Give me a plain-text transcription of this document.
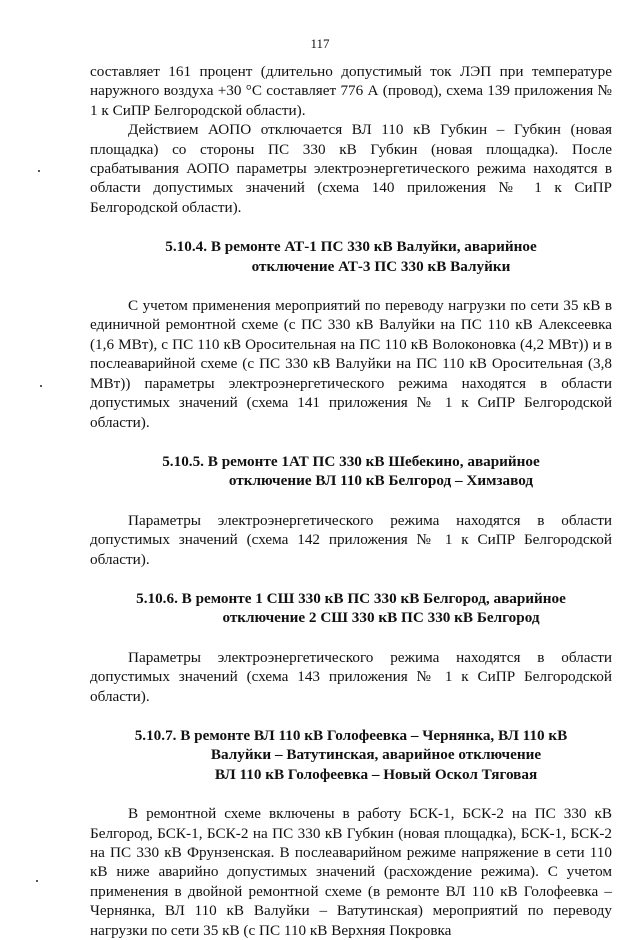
117

составляет 161 процент (длительно допустимый ток ЛЭП при температуре наружного воздуха +30 °С составляет 776 А (провод), схема 139 приложения № 1 к СиПР Белгородской области).

Действием АОПО отключается ВЛ 110 кВ Губкин – Губкин (новая площадка) со стороны ПС 330 кВ Губкин (новая площадка). После срабатывания АОПО параметры электроэнергетического режима находятся в области допустимых значений (схема 140 приложения № 1 к СиПР Белгородской области).

5.10.4. В ремонте АТ-1 ПС 330 кВ Валуйки, аварийное
отключение АТ-3 ПС 330 кВ Валуйки

С учетом применения мероприятий по переводу нагрузки по сети 35 кВ в единичной ремонтной схеме (с ПС 330 кВ Валуйки на ПС 110 кВ Алексеевка (1,6 МВт), с ПС 110 кВ Оросительная на ПС 110 кВ Волоконовка (4,2 МВт)) и в послеаварийной схеме (с ПС 330 кВ Валуйки на ПС 110 кВ Оросительная (3,8 МВт)) параметры электроэнергетического режима находятся в области допустимых значений (схема 141 приложения № 1 к СиПР Белгородской области).

5.10.5. В ремонте 1АТ ПС 330 кВ Шебекино, аварийное
отключение ВЛ 110 кВ Белгород – Химзавод

Параметры электроэнергетического режима находятся в области допустимых значений (схема 142 приложения № 1 к СиПР Белгородской области).

5.10.6. В ремонте 1 СШ 330 кВ ПС 330 кВ Белгород, аварийное
отключение 2 СШ 330 кВ ПС 330 кВ Белгород

Параметры электроэнергетического режима находятся в области допустимых значений (схема 143 приложения № 1 к СиПР Белгородской области).

5.10.7. В ремонте ВЛ 110 кВ Голофеевка – Чернянка, ВЛ 110 кВ
Валуйки – Ватутинская, аварийное отключение
ВЛ 110 кВ Голофеевка – Новый Оскол Тяговая

В ремонтной схеме включены в работу БСК-1, БСК-2 на ПС 330 кВ Белгород, БСК-1, БСК-2 на ПС 330 кВ Губкин (новая площадка), БСК-1, БСК-2 на ПС 330 кВ Фрунзенская. В послеаварийном режиме напряжение в сети 110 кВ ниже аварийно допустимых значений (расхождение режима). С учетом применения в двойной ремонтной схеме (в ремонте ВЛ 110 кВ Голофеевка – Чернянка, ВЛ 110 кВ Валуйки – Ватутинская) мероприятий по переводу нагрузки по сети 35 кВ (с ПС 110 кВ Верхняя Покровка
